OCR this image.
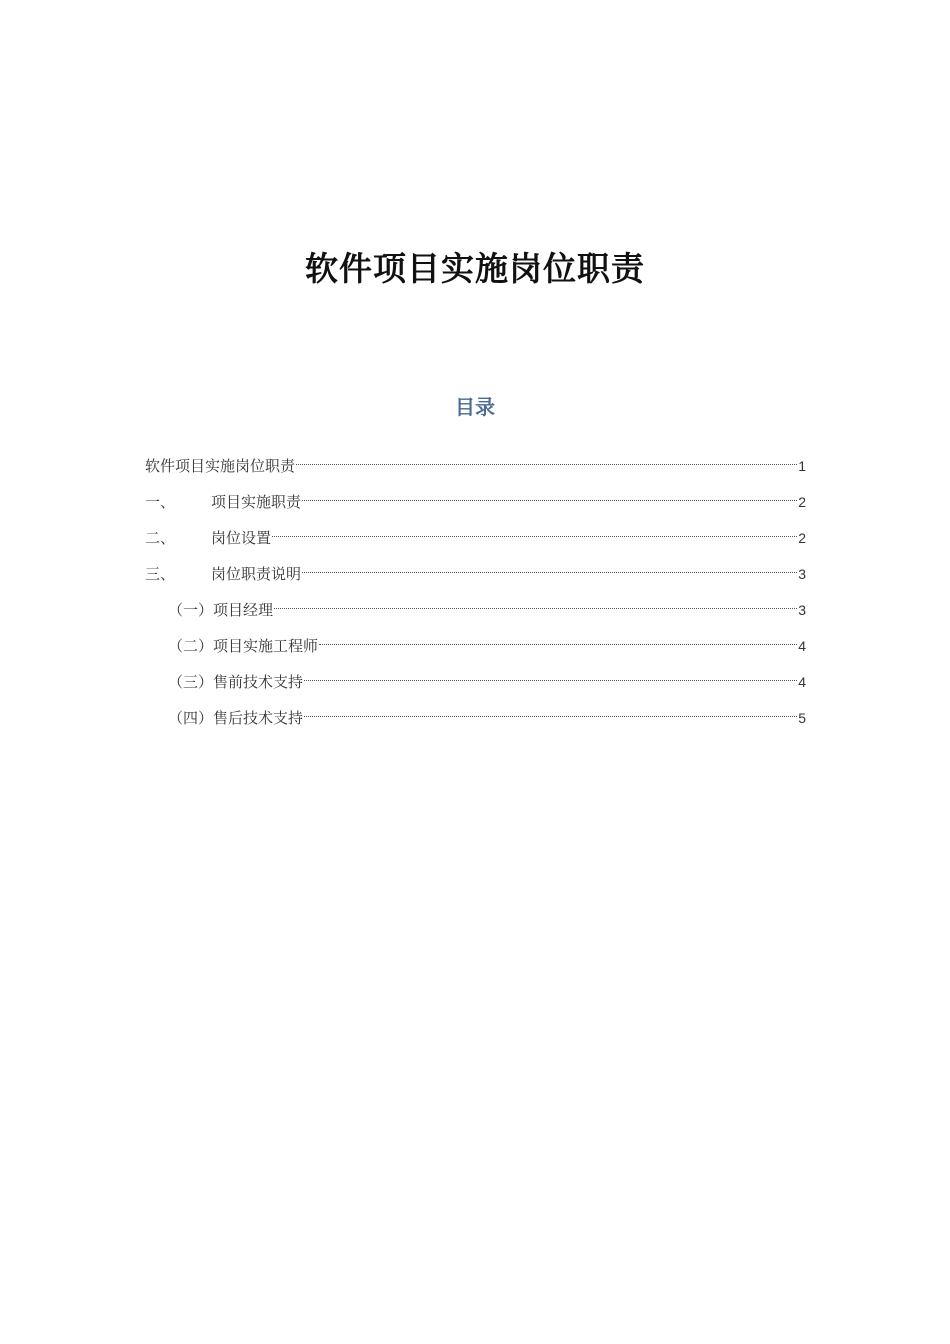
软件项目实施岗位职责
目录
软件项目实施岗位职责	1
一、	项目实施职责	2
二、	岗位设置	2
三、	岗位职责说明	3
（一）项目经理	3
（二）项目实施工程师	4
（三）售前技术支持	4
（四）售后技术支持	5
